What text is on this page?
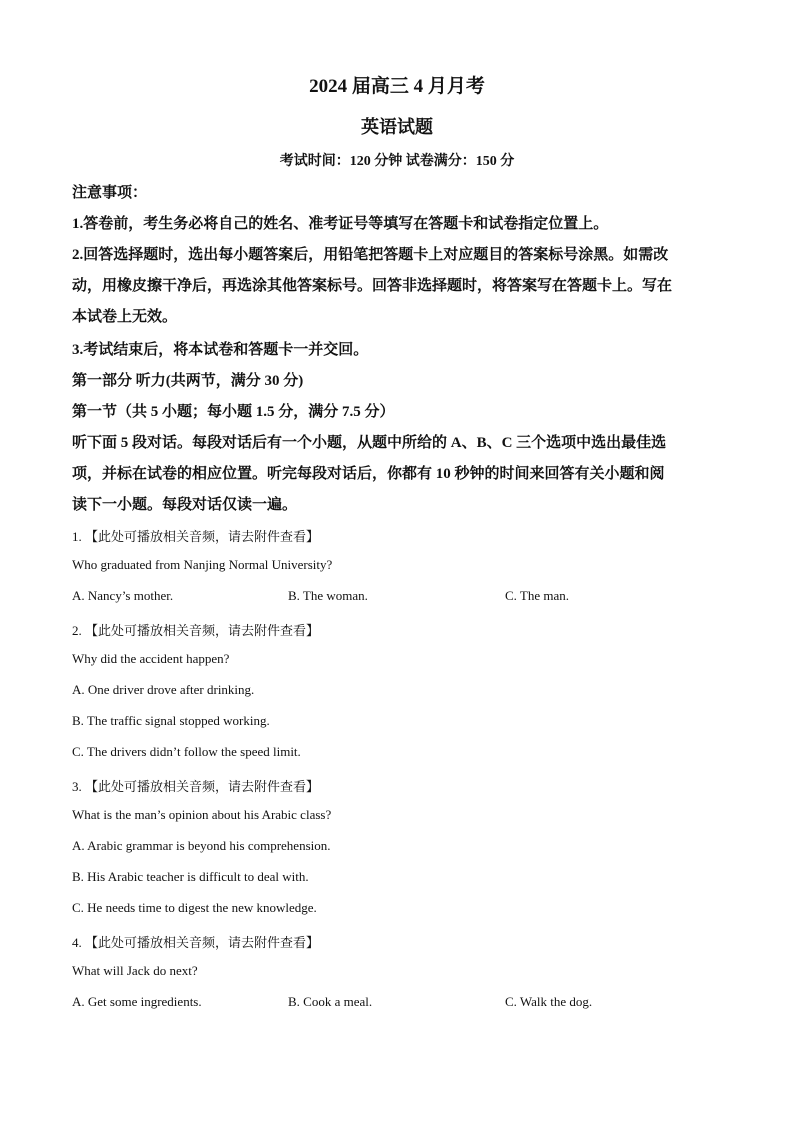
2024 届高三 4 月月考
英语试题
考试时间：120 分钟 试卷满分：150 分
注意事项：
1.答卷前，考生务必将自己的姓名、准考证号等填写在答题卡和试卷指定位置上。
2.回答选择题时，选出每小题答案后，用铅笔把答题卡上对应题目的答案标号涂黑。如需改
动，用橡皮擦干净后，再选涂其他答案标号。回答非选择题时，将答案写在答题卡上。写在
本试卷上无效。
3.考试结束后，将本试卷和答题卡一并交回。
第一部分 听力(共两节，满分 30 分)
第一节（共 5 小题；每小题 1.5 分，满分 7.5 分）
听下面 5 段对话。每段对话后有一个小题，从题中所给的 A、B、C 三个选项中选出最佳选
项，并标在试卷的相应位置。听完每段对话后，你都有 10 秒钟的时间来回答有关小题和阅
读下一小题。每段对话仅读一遍。
1. 【此处可播放相关音频，请去附件查看】
Who graduated from Nanjing Normal University?
A. Nancy’s mother.	B. The woman.	C. The man.
2. 【此处可播放相关音频，请去附件查看】
Why did the accident happen?
A. One driver drove after drinking.
B. The traffic signal stopped working.
C. The drivers didn’t follow the speed limit.
3. 【此处可播放相关音频，请去附件查看】
What is the man’s opinion about his Arabic class?
A. Arabic grammar is beyond his comprehension.
B. His Arabic teacher is difficult to deal with.
C. He needs time to digest the new knowledge.
4. 【此处可播放相关音频，请去附件查看】
What will Jack do next?
A. Get some ingredients.	B. Cook a meal.	C. Walk the dog.
